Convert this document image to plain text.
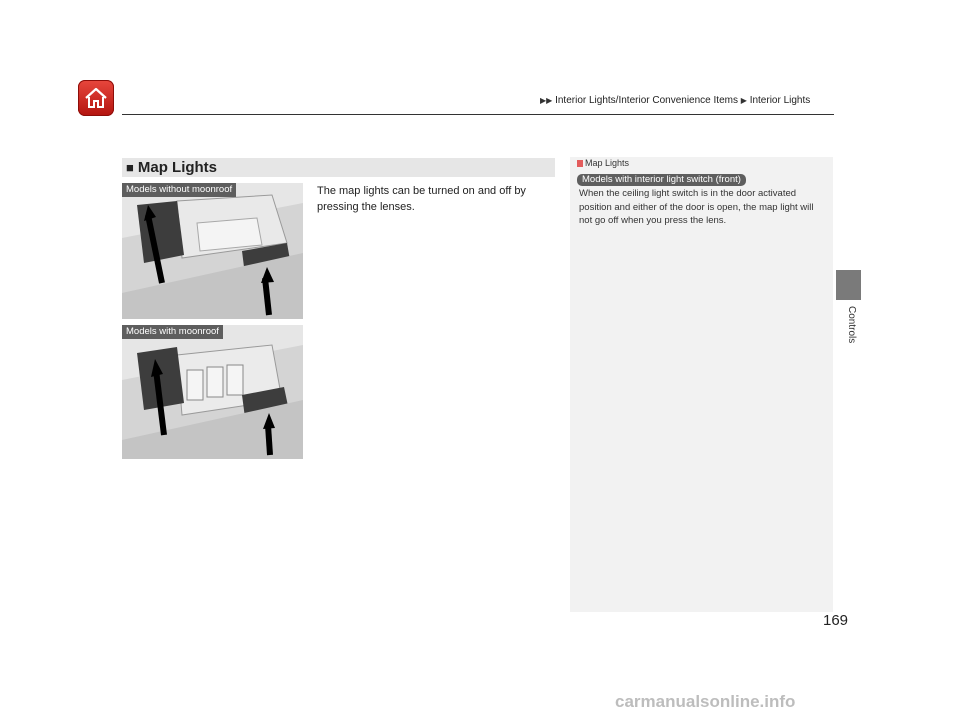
▶▶ Interior Lights/Interior Convenience Items ▶ Interior Lights
Controls
■ Map Lights
The map lights can be turned on and off by pressing the lenses.
Models without moonroof
Models with moonroof
Map Lights
Models with interior light switch (front)
When the ceiling light switch is in the door activated position and either of the door is open, the map light will not go off when you press the lens.
169
carmanualsonline.info
